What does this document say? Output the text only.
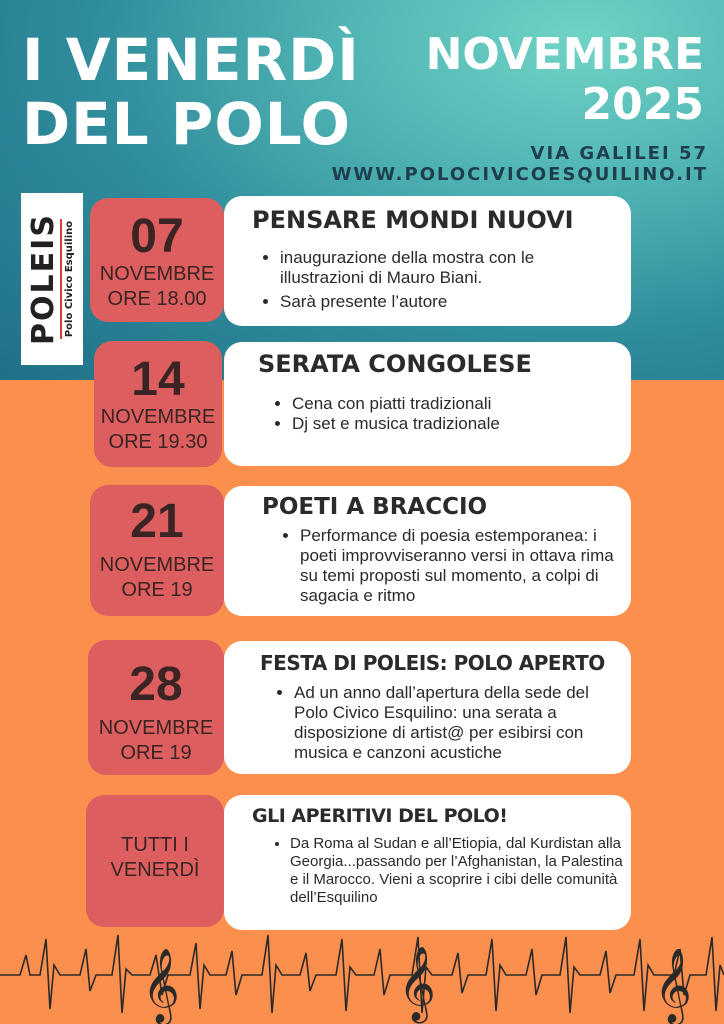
I VENERDÌ
DEL POLO
NOVEMBRE
2025
VIA GALILEI 57
WWW.POLOCIVICOESQUILINO.IT
POLEIS Polo Civico Esquilino	07
NOVEMBRE
ORE 18.00
PENSARE MONDI NUOVI
• inaugurazione della mostra con le illustrazioni di Mauro Biani.
• Sarà presente l’autore
14
NOVEMBRE
ORE 19.30
SERATA CONGOLESE
• Cena con piatti tradizionali
• Dj set e musica tradizionale
21
NOVEMBRE
ORE 19
POETI A BRACCIO
• Performance di poesia estemporanea: i poeti improvviseranno versi in ottava rima su temi proposti sul momento, a colpi di sagacia e ritmo
28
NOVEMBRE
ORE 19
FESTA DI POLEIS: POLO APERTO
• Ad un anno dall’apertura della sede del Polo Civico Esquilino: una serata a disposizione di artist@ per esibirsi con musica e canzoni acustiche
TUTTI I
VENERDÌ
GLI APERITIVI DEL POLO!
• Da Roma al Sudan e all’Etiopia, dal Kurdistan alla Georgia...passando per l’Afghanistan, la Palestina e il Marocco. Vieni a scoprire i cibi delle comunità dell’Esquilino
𝄞	𝄞	𝄞
